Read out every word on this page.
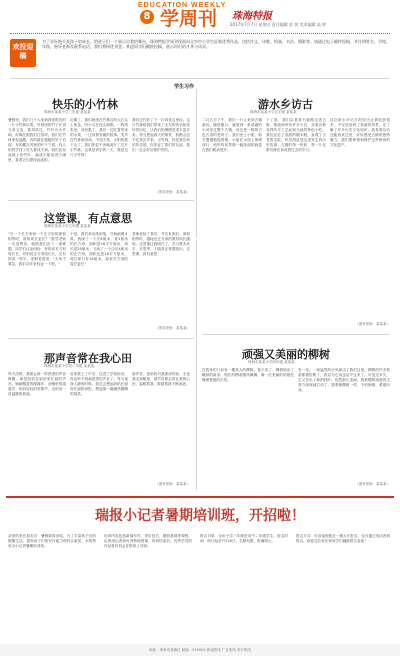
EDUCATION WEEKLY
8 学周刊 珠海特报
2017年7月7日 星期五 责任编辑 彭 茜 美术编辑 高 婷
欢投迎稿
为了更好地关爱孩子的成长，给孩子们一个展示自我的舞台，珠海特报学周刊现面向全市中小学生征集优秀作品，包括作文、诗歌、绘画、书法、摄影等。请通过电子邮件投稿，并注明姓名、学校、年级、指导老师及联系电话，我们将择优刊登。欢迎同学们踊跃投稿，展示你们的才华与风采。
学生习作
快乐的小竹林
珠海市某某小学三年级 某某某
暑假里，我们几个人来到我家附近的一片小竹林玩耍。竹林里的竹子长得又高又直，微风吹过，竹叶沙沙作响，好像在跟我们打招呼。我们在竹林里捉迷藏，有的躲在粗粗的竹子后面，有的藏在茂密的叶子下面，找人的同学找了好久都找不到。我们还捡起地上的竹叶，编成小船放进小溪里，看着它们漂得远远的。
玩累了，我们就坐在竹林边的大石头上休息，听小鸟在枝头唱歌。一阵风吹来，凉快极了。我们一边吃着带来的水果，一边讲着有趣的故事，笑声在竹林里回荡。不知不觉，太阳快要下山了，我们依依不舍地离开了这片小竹林。这真是快乐的一天，我爱这片小竹林！
我们还约好了下一次再来这里玩。这片竹林给我们带来了无尽的快乐和美好的回忆，让我们的暑假变得丰富多彩。每当想起那天的情景，我都会忍不住笑出声来。小竹林，你是我们快乐的乐园，你见证了我们的友谊，我们一定会好好保护你的。
（指导老师：某某某）
游水乡访古
珠海市某某小学五年级 某某某
二月五日下午，我们一行人来到古镇游玩。刚进镇口，就看到一条清澈的小河穿过整个古镇，河边是一排排古色古香的老房子。我们坐上小船，船夫慢慢地摇着橹，小船在水面上缓缓前行，两岸的风景像一幅美丽的画卷在我们眼前展开。
下了船，我们沿着青石板路走进古街。街道两旁有许多小店，卖着各种各样的手工艺品和当地的特色小吃。我们品尝了香甜的糯米糕，参观了古老的宅院，听导游讲述这里发生的历史故事。古镇的每一块砖、每一片瓦都仿佛在诉说着过去的岁月。
这次游水乡访古的经历让我收获很多，不仅欣赏到了美丽的风景，还了解了许多历史文化知识。我希望以后还能再来这里，好好感受古镇的独特魅力。我们要珍惜和保护这些珍贵的文化遗产。
（指导老师：某某某）
这堂课，有点意思
珠海市某某小学五年级 某某某
"当一个长方形和一个正方形的面积相等时，谁的周长更长？"数学老师一走进教室，就给我们出了一道难题。同学们议论纷纷，有的说长方形周长长，有的说正方形周长长，还有的说一样长。老师笑着说："大家不要急，我们动手来验证一下吧。"
于是，我们拿出纸和笔，开始画图计算。我画了一个长8厘米、宽2厘米的长方形，面积是16平方厘米，周长是20厘米；又画了一个边长4厘米的正方形，面积也是16平方厘米，周长却只有16厘米。原来长方形的周长更长！
老师表扬了我们，并告诉我们：面积相等时，越接近正方形的图形周长越短。这堂课让我明白了，学习要多动手、多思考，才能真正掌握知识。这堂课，真有意思！
（指导老师：某某某）
那声音常在我心田
珠海市某某中学初二年级 某某某
每天清晨，我都会被一阵熟悉的声音唤醒，那是奶奶在厨房里忙碌的声音。锅碗瓢盆的碰撞声、油锅里的滋滋声、奶奶轻轻的哼歌声，交织成一首温暖的晨曲。
后来我上了中学，住进了学校宿舍，再也听不到那熟悉的声音了。每当夜深人静的时候，我总会想起奶奶在厨房忙碌的身影，想起那一碗碗热腾腾的饭菜。
那声音，是奶奶对我深深的爱。无论我走到哪里，那声音都会常在我的心田，温暖着我，鼓励着我不断前进。
（指导老师：某某某）
顽强又美丽的柳树
珠海市某某小学四年级 某某某
在我家的门前有一棵高大的柳树。春天来了，柳树抽出了嫩绿的新芽，细长的柳条随风飘舞，像一位美丽的姑娘在梳理着她的长发。
有一年，一场猛烈的台风袭击了我们这里，柳树的许多枝条都被折断了，我以为它再也活不过来了。可没过多久，它又长出了新的枝叶，依然那么美丽。我被柳树顽强的生命力深深地打动了，我要像柳树一样，不怕困难，勇敢向前。
（指导老师：某某某）
瑞报小记者暑期培训班，开招啦！
亲爱的家长朋友们：暑假即将来临，为了丰富孩子们的假期生活，提高孩子们的写作能力和综合素质，本报特举办小记者暑期培训班。
培训内容包括新闻写作、采访技巧、摄影基础等课程，由资深记者和优秀教师授课。培训结束后，优秀学员的作品将有机会在报纸上刊登。
报名对象：全市小学三年级至初中二年级学生。报名时间：即日起至7月20日。名额有限，报满即止。
报名方式：可直接到报社一楼大厅报名，也可通过电话咨询报名。欢迎各位家长和同学们踊跃报名参加！
地址：珠海市香洲区 邮编：519000 新闻热线 广告热线 发行热线
